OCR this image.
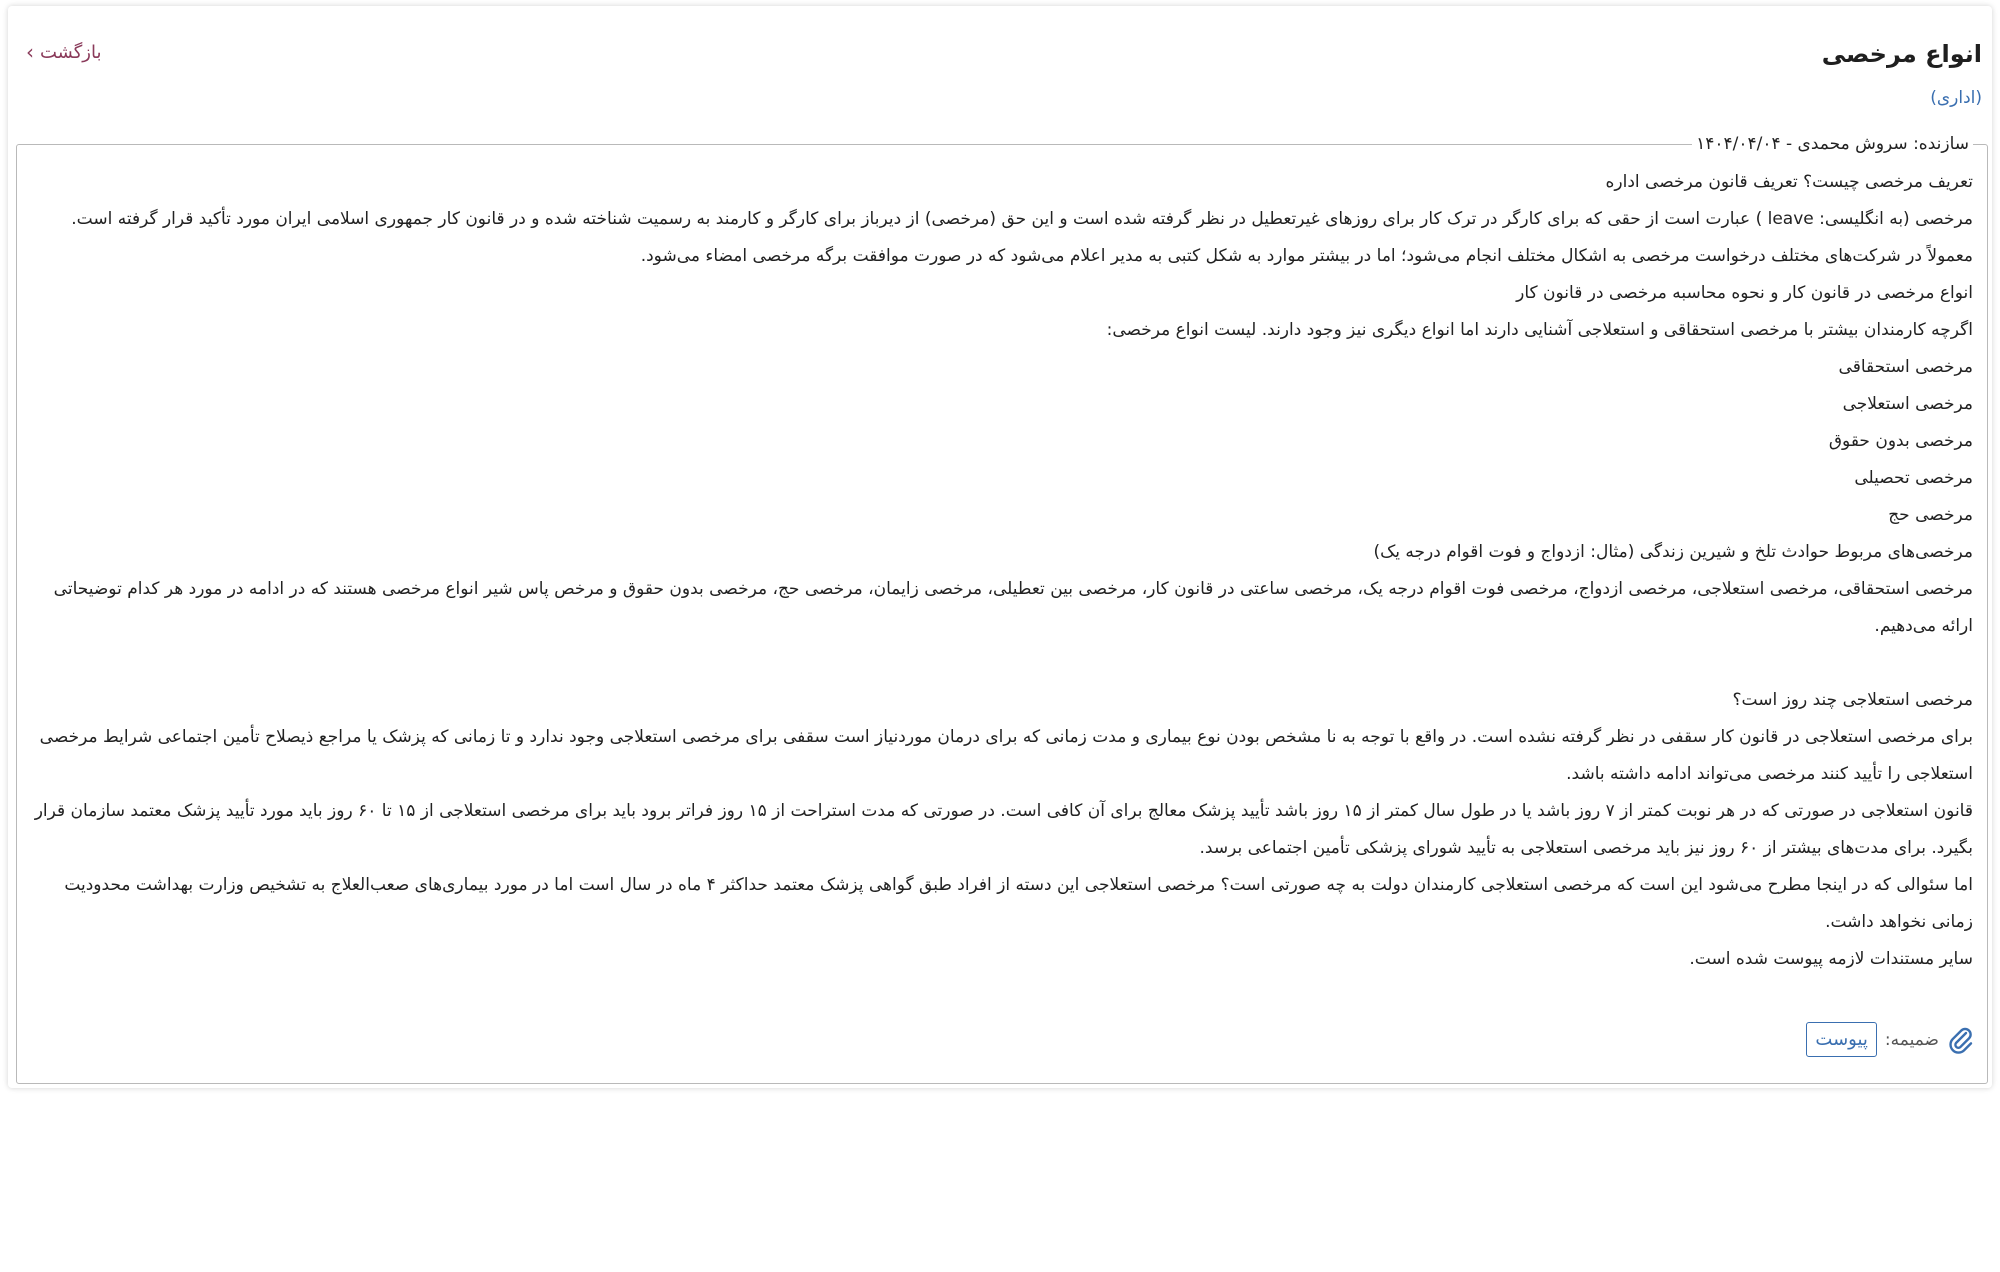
انواع مرخصی
(اداری)
‹ بازگشت
سازنده: سروش محمدی - ۱۴۰۴/۰۴/۰۴

تعریف مرخصی چیست؟ تعریف قانون مرخصی اداره

مرخصی (به انگلیسی: leave ) عبارت است از حقی که برای کارگر در ترک کار برای روزهای غیرتعطیل در نظر گرفته شده است و این حق (مرخصی) از دیرباز برای کارگر و کارمند به رسمیت شناخته شده و در قانون کار جمهوری اسلامی ایران مورد تأکید قرار گرفته است.

معمولاً در شرکت‌های مختلف درخواست مرخصی به اشکال مختلف انجام می‌شود؛ اما در بیشتر موارد به شکل کتبی به مدیر اعلام می‌شود که در صورت موافقت برگه مرخصی امضاء می‌شود.

انواع مرخصی در قانون کار و نحوه محاسبه مرخصی در قانون کار

اگرچه کارمندان بیشتر با مرخصی استحقاقی و استعلاجی آشنایی دارند اما انواع دیگری نیز وجود دارند. لیست انواع مرخصی:

مرخصی استحقاقی

مرخصی استعلاجی

مرخصی بدون حقوق

مرخصی تحصیلی

مرخصی حج

مرخصی‌های مربوط حوادث تلخ و شیرین زندگی (مثال: ازدواج و فوت اقوام درجه یک)

مرخصی استحقاقی، مرخصی استعلاجی، مرخصی ازدواج، مرخصی فوت اقوام درجه یک، مرخصی ساعتی در قانون کار، مرخصی بین تعطیلی، مرخصی زایمان، مرخصی حج، مرخصی بدون حقوق و مرخص پاس شیر انواع مرخصی هستند که در ادامه در مورد هر کدام توضیحاتی ارائه می‌دهیم.

مرخصی استعلاجی چند روز است؟

برای مرخصی استعلاجی در قانون کار سقفی در نظر گرفته نشده است. در واقع با توجه به نا مشخص بودن نوع بیماری و مدت زمانی که برای درمان موردنیاز است سقفی برای مرخصی استعلاجی وجود ندارد و تا زمانی که پزشک یا مراجع ذیصلاح تأمین اجتماعی شرایط مرخصی استعلاجی را تأیید کنند مرخصی می‌تواند ادامه داشته باشد.

قانون استعلاجی در صورتی که در هر نوبت کمتر از ۷ روز باشد یا در طول سال کمتر از ۱۵ روز باشد تأیید پزشک معالج برای آن کافی است. در صورتی که مدت استراحت از ۱۵ روز فراتر برود باید برای مرخصی استعلاجی از ۱۵ تا ۶۰ روز باید مورد تأیید پزشک معتمد سازمان قرار بگیرد. برای مدت‌های بیشتر از ۶۰ روز نیز باید مرخصی استعلاجی به تأیید شورای پزشکی تأمین اجتماعی برسد.

اما سئوالی که در اینجا مطرح می‌شود این است که مرخصی استعلاجی کارمندان دولت به چه صورتی است؟ مرخصی استعلاجی این دسته از افراد طبق گواهی پزشک معتمد حداکثر ۴ ماه در سال است اما در مورد بیماری‌های صعب‌العلاج به تشخیص وزارت بهداشت محدودیت زمانی نخواهد داشت.

سایر مستندات لازمه پیوست شده است.

ضمیمه:
پیوست
